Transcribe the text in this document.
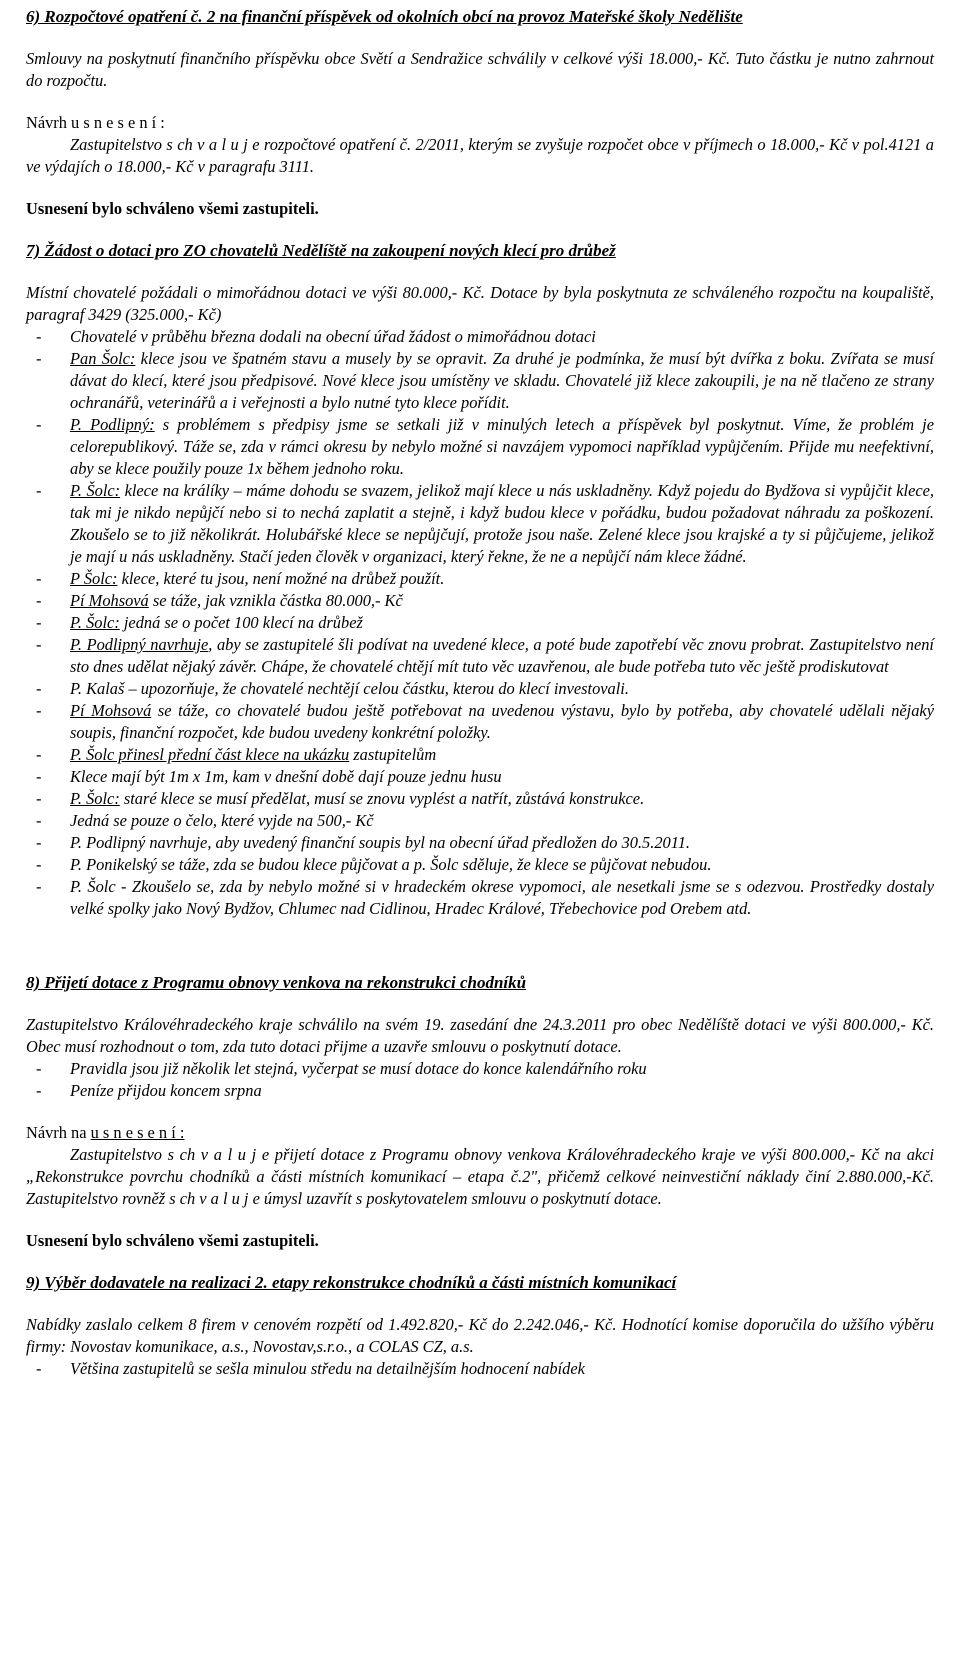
6) Rozpočtové opatření č. 2 na finanční příspěvek od okolních obcí na provoz Mateřské školy Nedělište

Smlouvy na poskytnutí finančního příspěvku obce Světí a Sendražice schválily v celkové výši 18.000,- Kč. Tuto částku je nutno zahrnout do rozpočtu.

Návrh u s n e s e n í :

Zastupitelstvo s ch v a l u j e rozpočtové opatření č. 2/2011, kterým se zvyšuje rozpočet obce v příjmech o 18.000,- Kč v pol.4121 a ve výdajích o 18.000,- Kč v paragrafu 3111.

Usnesení bylo schváleno všemi zastupiteli.

7) Žádost o dotaci pro ZO chovatelů Nedělíště na zakoupení nových klecí pro drůbež

Místní chovatelé požádali o mimořádnou dotaci ve výši 80.000,- Kč. Dotace by byla poskytnuta ze schváleného rozpočtu na koupaliště, paragraf 3429 (325.000,- Kč)

- Chovatelé v průběhu března dodali na obecní úřad žádost o mimořádnou dotaci
- Pan Šolc: klece jsou ve špatném stavu a musely by se opravit. Za druhé je podmínka, že musí být dvířka z boku. Zvířata se musí dávat do klecí, které jsou předpisové. Nové klece jsou umístěny ve skladu. Chovatelé již klece zakoupili, je na ně tlačeno ze strany ochranářů, veterinářů a i veřejnosti a bylo nutné tyto klece pořídit.
- P. Podlipný: s problémem s předpisy jsme se setkali již v minulých letech a příspěvek byl poskytnut. Víme, že problém je celorepublikový. Táže se, zda v rámci okresu by nebylo možné si navzájem vypomoci například vypůjčením. Přijde mu neefektivní, aby se klece použily pouze 1x během jednoho roku.
- P. Šolc: klece na králíky – máme dohodu se svazem, jelikož mají klece u nás uskladněny. Když pojedu do Bydžova si vypůjčit klece, tak mi je nikdo nepůjčí nebo si to nechá zaplatit a stejně, i když budou klece v pořádku, budou požadovat náhradu za poškození. Zkoušelo se to již několikrát. Holubářské klece se nepůjčují, protože jsou naše. Zelené klece jsou krajské a ty si půjčujeme, jelikož je mají u nás uskladněny. Stačí jeden člověk v organizaci, který řekne, že ne a nepůjčí nám klece žádné.
- P Šolc: klece, které tu jsou, není možné na drůbež použít.
- Pí Mohsová se táže, jak vznikla částka 80.000,- Kč
- P. Šolc: jedná se o počet 100 klecí na drůbež
- P. Podlipný navrhuje, aby se zastupitelé šli podívat na uvedené klece, a poté bude zapotřebí věc znovu probrat. Zastupitelstvo není sto dnes udělat nějaký závěr. Chápe, že chovatelé chtějí mít tuto věc uzavřenou, ale bude potřeba tuto věc ještě prodiskutovat
- P. Kalaš – upozorňuje, že chovatelé nechtějí celou částku, kterou do klecí investovali.
- Pí Mohsová se táže, co chovatelé budou ještě potřebovat na uvedenou výstavu, bylo by potřeba, aby chovatelé udělali nějaký soupis, finanční rozpočet, kde budou uvedeny konkrétní položky.
- P. Šolc přinesl přední část klece na ukázku zastupitelům
- Klece mají být 1m x 1m, kam v dnešní době dají pouze jednu husu
- P. Šolc: staré klece se musí předělat, musí se znovu vyplést a natřít, zůstává konstrukce.
- Jedná se pouze o čelo, které vyjde na 500,- Kč
- P. Podlipný navrhuje, aby uvedený finanční soupis byl na obecní úřad předložen do 30.5.2011.
- P. Ponikelský se táže, zda se budou klece půjčovat a p. Šolc sděluje, že klece se půjčovat nebudou.
- P. Šolc - Zkoušelo se, zda by nebylo možné si v hradeckém okrese vypomoci, ale nesetkali jsme se s odezvou. Prostředky dostaly velké spolky jako Nový Bydžov, Chlumec nad Cidlinou, Hradec Králové, Třebechovice pod Orebem atd.

8) Přijetí dotace z Programu obnovy venkova na rekonstrukci chodníků

Zastupitelstvo Královéhradeckého kraje schválilo na svém 19. zasedání dne 24.3.2011 pro obec Nedělíště dotaci ve výši 800.000,- Kč. Obec musí rozhodnout o tom, zda tuto dotaci přijme a uzavře smlouvu o poskytnutí dotace.

- Pravidla jsou již několik let stejná, vyčerpat se musí dotace do konce kalendářního roku
- Peníze přijdou koncem srpna

Návrh na u s n e s e n í :

Zastupitelstvo s ch v a l u j e přijetí dotace z Programu obnovy venkova Královéhradeckého kraje ve výši 800.000,- Kč na akci „Rekonstrukce povrchu chodníků a části místních komunikací – etapa č.2", přičemž celkové neinvestiční náklady činí 2.880.000,-Kč. Zastupitelstvo rovněž s ch v a l u j e úmysl uzavřít s poskytovatelem smlouvu o poskytnutí dotace.

Usnesení bylo schváleno všemi zastupiteli.

9) Výběr dodavatele na realizaci 2. etapy rekonstrukce chodníků a části místních komunikací

Nabídky zaslalo celkem 8 firem v cenovém rozpětí od 1.492.820,- Kč do 2.242.046,- Kč. Hodnotící komise doporučila do užšího výběru firmy: Novostav komunikace, a.s., Novostav,s.r.o., a COLAS CZ, a.s.

- Většina zastupitelů se sešla minulou středu na detailnějším hodnocení nabídek
